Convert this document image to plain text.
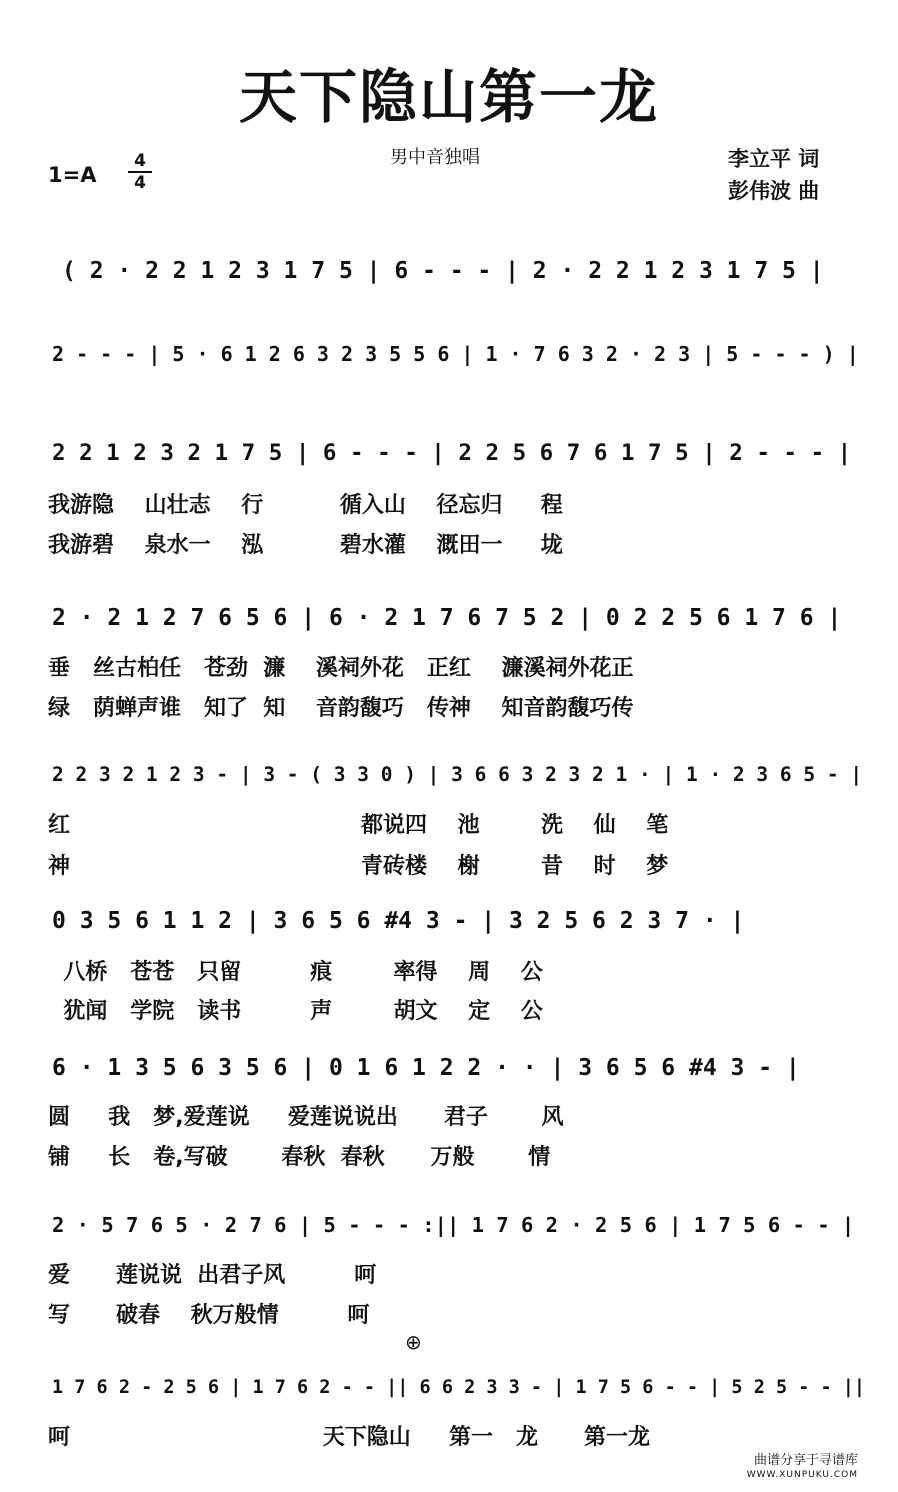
天下隐山第一龙
男中音独唱	李立平 词
彭伟波 曲
1=A
4
4
( 2 · 2 2 1 2 3 1 7 5 | 6 - - - | 2 · 2 2 1 2 3 1 7 5 |
2 - - - | 5 · 6 1 2 6 3 2 3 5 5 6 | 1 · 7 6 3 2 · 2 3 | 5 - - - ) |
2 2 1 2 3 2 1 7 5 | 6 - - - | 2 2 5 6 7 6 1 7 5 | 2 - - - |
我游隐    山壮志    行          循入山    径忘归     程
我游碧    泉水一    泓          碧水灌    溉田一     垅
2 · 2 1 2 7 6 5 6 | 6 · 2 1 7 6 7 5 2 | 0 2 2 5 6 1 7 6 |
垂   丝古柏任   苍劲  濂    溪祠外花   正红    濂溪祠外花正
绿   荫蝉声谁   知了  知    音韵馥巧   传神    知音韵馥巧传
2 2 3 2 1 2 3 - | 3 - ( 3 3 0 ) | 3 6 6 3 2 3 2 1 · | 1 · 2 3 6 5 - |
红                                      都说四    池        洗    仙    笔
神                                      青砖楼    榭        昔    时    梦
0 3 5 6 1 1 2 | 3 6 5 6 #4 3 - | 3 2 5 6 2 3 7 · |
八桥   苍苍   只留         痕        率得    周    公
犹闻   学院   读书         声        胡文    定    公
6 · 1 3 5 6 3 5 6 | 0 1 6 1 2 2 · · | 3 6 5 6 #4 3 - |
圆     我   梦,爱莲说     爱莲说说出      君子       风
铺     长   卷,写破       春秋  春秋      万般       情
2 · 5 7 6 5 · 2 7 6 | 5 - - - :|| 1 7 6 2 · 2 5 6 | 1 7 5 6 - - |
爱      莲说说  出君子风         呵
写      破春    秋万般情         呵
⊕
1 7 6 2 - 2 5 6 | 1 7 6 2 - - || 6 6 2 3 3 - | 1 7 5 6 - - | 5 2 5 - - ||
呵                                 天下隐山     第一   龙      第一龙
曲谱分享于寻谱库
WWW.XUNPUKU.COM
